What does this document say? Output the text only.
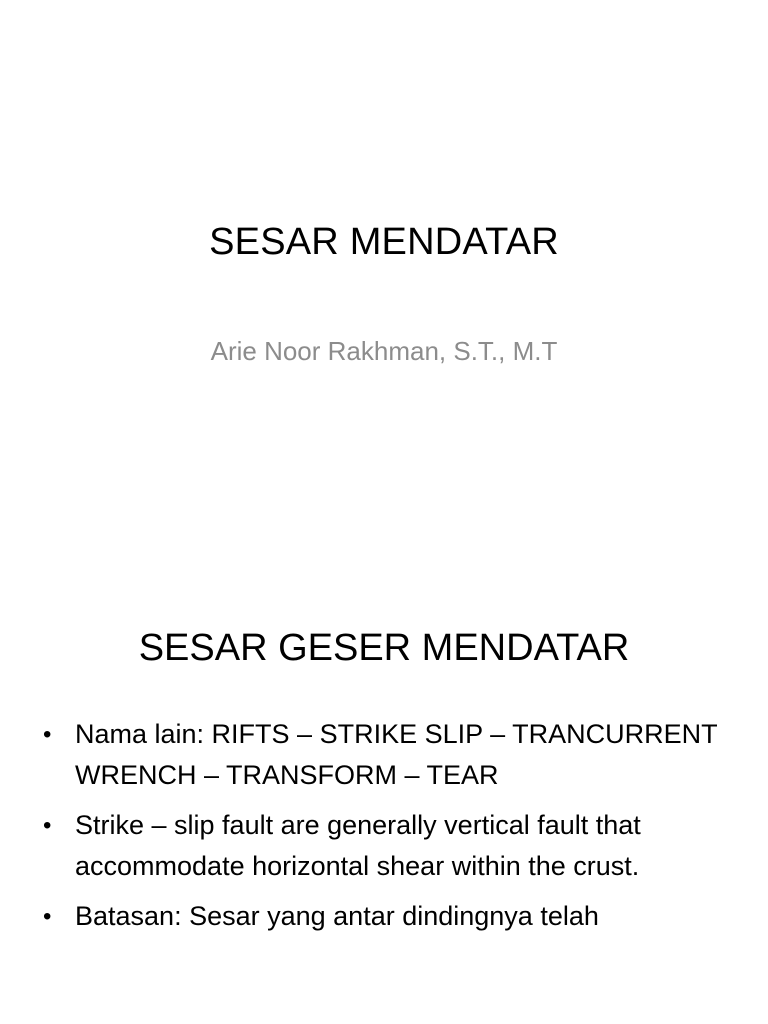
SESAR MENDATAR
Arie Noor Rakhman, S.T., M.T
SESAR GESER MENDATAR
• Nama lain: RIFTS – STRIKE SLIP – TRANCURRENT WRENCH – TRANSFORM – TEAR
• Strike – slip fault are generally vertical fault that accommodate horizontal shear within the crust.
• Batasan: Sesar yang antar dindingnya telah
